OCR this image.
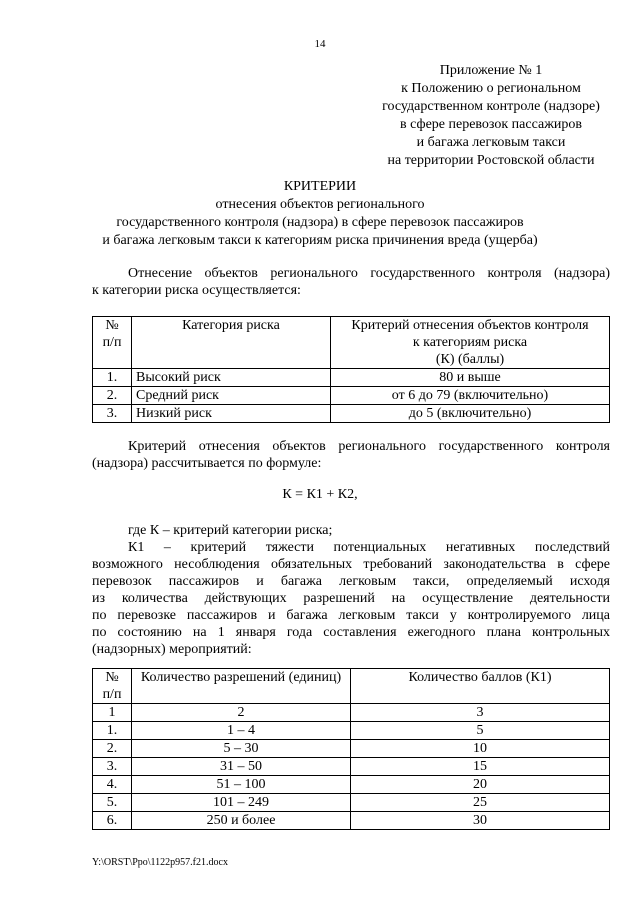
14
Приложение № 1
к Положению о региональном
государственном контроле (надзоре)
в сфере перевозок пассажиров
и багажа легковым такси
на территории Ростовской области
КРИТЕРИИ
отнесения объектов регионального
государственного контроля (надзора) в сфере перевозок пассажиров
и багажа легковым такси к категориям риска причинения вреда (ущерба)
Отнесение объектов регионального государственного контроля (надзора)
к категории риска осуществляется:
№
п/п	Категория риска	Критерий отнесения объектов контроля
к категориям риска
(К) (баллы)
1.	Высокий риск	80 и выше
2.	Средний риск	от 6 до 79 (включительно)
3.	Низкий риск	до 5 (включительно)
Критерий отнесения объектов регионального государственного контроля
(надзора) рассчитывается по формуле:
К = К1 + К2,
где К – критерий категории риска;
К1 – критерий тяжести потенциальных негативных последствий
возможного несоблюдения обязательных требований законодательства в сфере
перевозок пассажиров и багажа легковым такси, определяемый исходя
из количества действующих разрешений на осуществление деятельности
по перевозке пассажиров и багажа легковым такси у контролируемого лица
по состоянию на 1 января года составления ежегодного плана контрольных
(надзорных) мероприятий:
№
п/п	Количество разрешений (единиц)	Количество баллов (К1)
1	2	3
1.	1 – 4	5
2.	5 – 30	10
3.	31 – 50	15
4.	51 – 100	20
5.	101 – 249	25
6.	250 и более	30
Y:\ORST\Ppo\1122p957.f21.docx
